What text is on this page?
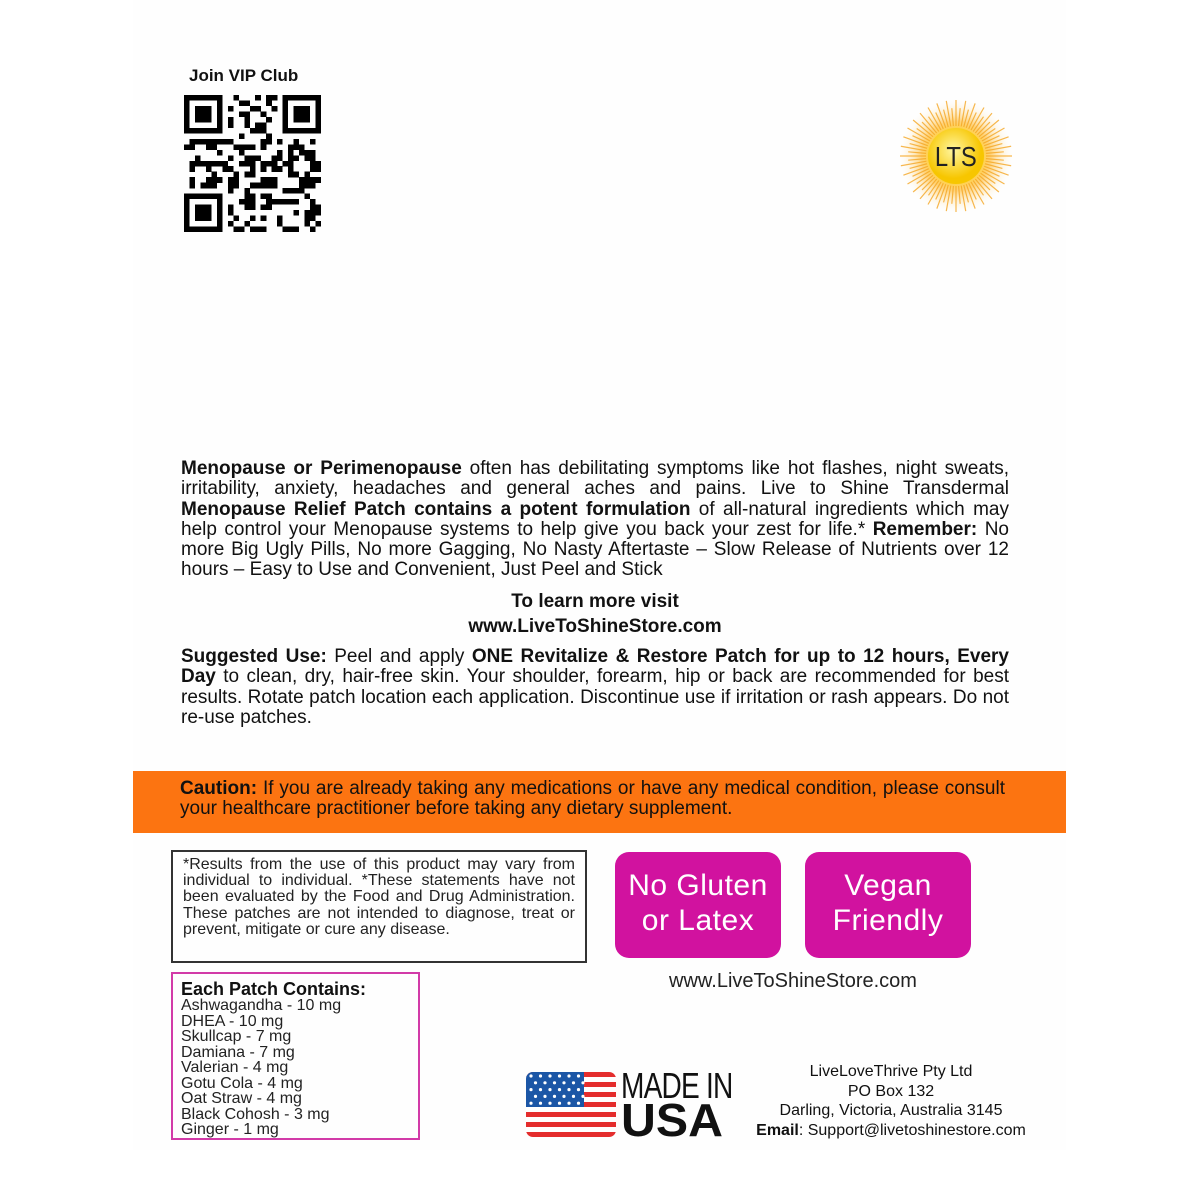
Join VIP Club
LTS
Menopause or Perimenopause often has debilitating symptoms like hot flashes, night sweats, irritability, anxiety, headaches and general aches and pains. Live to Shine Transdermal Menopause Relief Patch contains a potent formulation of all-natural ingredients which may help control your Menopause systems to help give you back your zest for life.* Remember: No more Big Ugly Pills, No more Gagging, No Nasty Aftertaste – Slow Release of Nutrients over 12 hours – Easy to Use and Convenient, Just Peel and Stick
To learn more visit
www.LiveToShineStore.com
Suggested Use: Peel and apply ONE Revitalize & Restore Patch for up to 12 hours, Every Day to clean, dry, hair-free skin. Your shoulder, forearm, hip or back are recommended for best results. Rotate patch location each application. Discontinue use if irritation or rash appears. Do not re-use patches.
Caution: If you are already taking any medications or have any medical condition, please consult your healthcare practitioner before taking any dietary supplement.
*Results from the use of this product may vary from individual to individual. *These statements have not been evaluated by the Food and Drug Administration. These patches are not intended to diagnose, treat or prevent, mitigate or cure any disease.
Each Patch Contains:
Ashwagandha - 10 mg
DHEA - 10 mg
Skullcap - 7 mg
Damiana - 7 mg
Valerian - 4 mg
Gotu Cola - 4 mg
Oat Straw - 4 mg
Black Cohosh - 3 mg
Ginger - 1 mg
No Gluten
or Latex
Vegan
Friendly
www.LiveToShineStore.com
MADE IN
USA
LiveLoveThrive Pty Ltd
PO Box 132
Darling, Victoria, Australia 3145
Email: Support@livetoshinestore.com
